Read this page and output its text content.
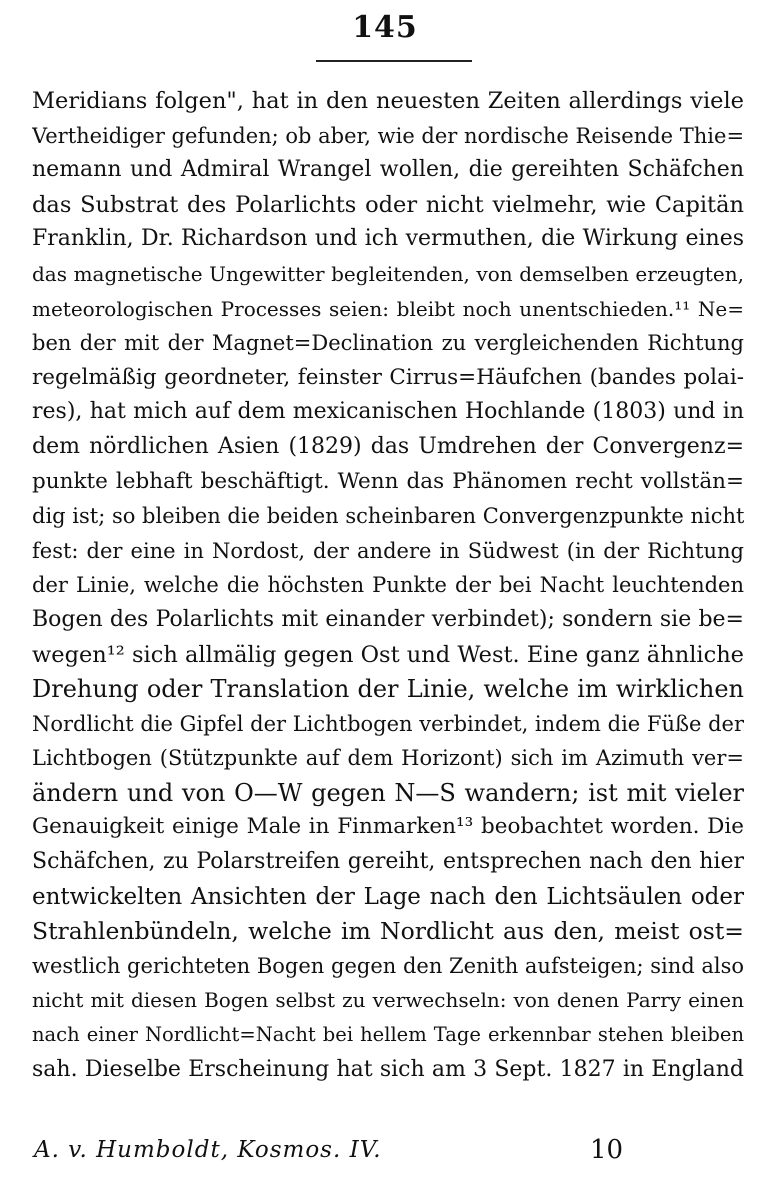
145
Meridians folgen", hat in den neuesten Zeiten allerdings viele
Vertheidiger gefunden; ob aber, wie der nordische Reisende Thie=
nemann und Admiral Wrangel wollen, die gereihten Schäfchen
das Substrat des Polarlichts oder nicht vielmehr, wie Capitän
Franklin, Dr. Richardson und ich vermuthen, die Wirkung eines
das magnetische Ungewitter begleitenden, von demselben erzeugten,
meteorologischen Processes seien: bleibt noch unentschieden.¹¹ Ne=
ben der mit der Magnet=Declination zu vergleichenden Richtung
regelmäßig geordneter, feinster Cirrus=Häufchen (bandes polai-
res), hat mich auf dem mexicanischen Hochlande (1803) und in
dem nördlichen Asien (1829) das Umdrehen der Convergenz=
punkte lebhaft beschäftigt. Wenn das Phänomen recht vollstän=
dig ist; so bleiben die beiden scheinbaren Convergenzpunkte nicht
fest: der eine in Nordost, der andere in Südwest (in der Richtung
der Linie, welche die höchsten Punkte der bei Nacht leuchtenden
Bogen des Polarlichts mit einander verbindet); sondern sie be=
wegen¹² sich allmälig gegen Ost und West. Eine ganz ähnliche
Drehung oder Translation der Linie, welche im wirklichen
Nordlicht die Gipfel der Lichtbogen verbindet, indem die Füße der
Lichtbogen (Stützpunkte auf dem Horizont) sich im Azimuth ver=
ändern und von O—W gegen N—S wandern; ist mit vieler
Genauigkeit einige Male in Finmarken¹³ beobachtet worden. Die
Schäfchen, zu Polarstreifen gereiht, entsprechen nach den hier
entwickelten Ansichten der Lage nach den Lichtsäulen oder
Strahlenbündeln, welche im Nordlicht aus den, meist ost=
westlich gerichteten Bogen gegen den Zenith aufsteigen; sind also
nicht mit diesen Bogen selbst zu verwechseln: von denen Parry einen
nach einer Nordlicht=Nacht bei hellem Tage erkennbar stehen bleiben
sah. Dieselbe Erscheinung hat sich am 3 Sept. 1827 in England
A. v. Humboldt, Kosmos. IV.	10
